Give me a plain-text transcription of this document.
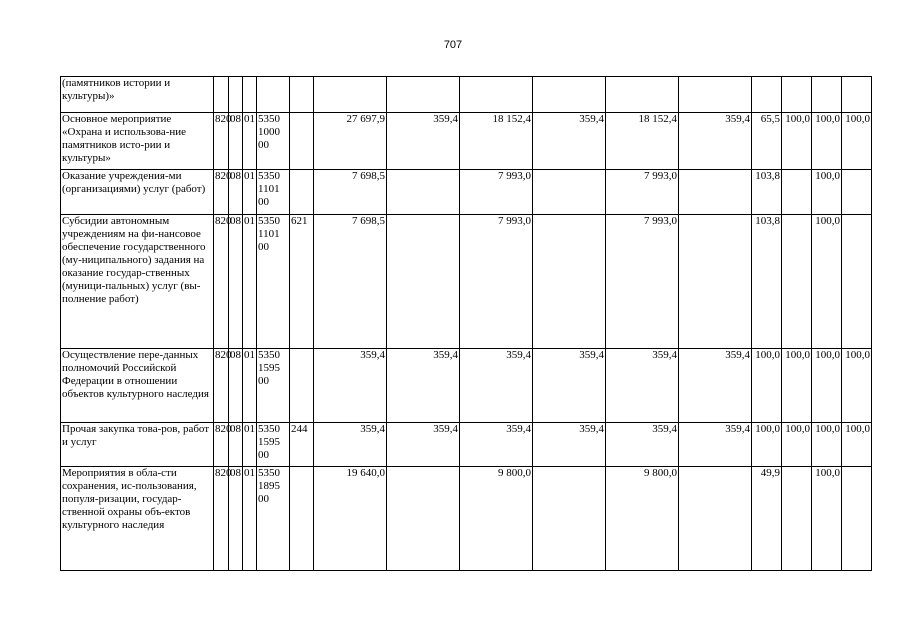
707
(памятников истории и культуры)»															
Основное мероприятие «Охрана и использова-ние памятников исто-рии и культуры»	820	08	01	5350 1000 00		27 697,9	359,4	18 152,4	359,4	18 152,4	359,4	65,5	100,0	100,0	100,0
Оказание учреждения-ми (организациями) услуг (работ)	820	08	01	5350 1101 00		7 698,5		7 993,0		7 993,0		103,8		100,0	
Субсидии автономным учреждениям на фи-нансовое обеспечение государственного (му-ниципального) задания на оказание государ-ственных (муници-пальных) услуг (вы-полнение работ)	820	08	01	5350 1101 00	621	7 698,5		7 993,0		7 993,0		103,8		100,0	
Осуществление пере-данных полномочий Российской Федерации в отношении объектов культурного наследия	820	08	01	5350 1595 00		359,4	359,4	359,4	359,4	359,4	359,4	100,0	100,0	100,0	100,0
Прочая закупка това-ров, работ и услуг	820	08	01	5350 1595 00	244	359,4	359,4	359,4	359,4	359,4	359,4	100,0	100,0	100,0	100,0
Мероприятия в обла-сти сохранения, ис-пользования, популя-ризации, государ-ственной охраны объ-ектов культурного наследия	820	08	01	5350 1895 00		19 640,0		9 800,0		9 800,0		49,9		100,0	
